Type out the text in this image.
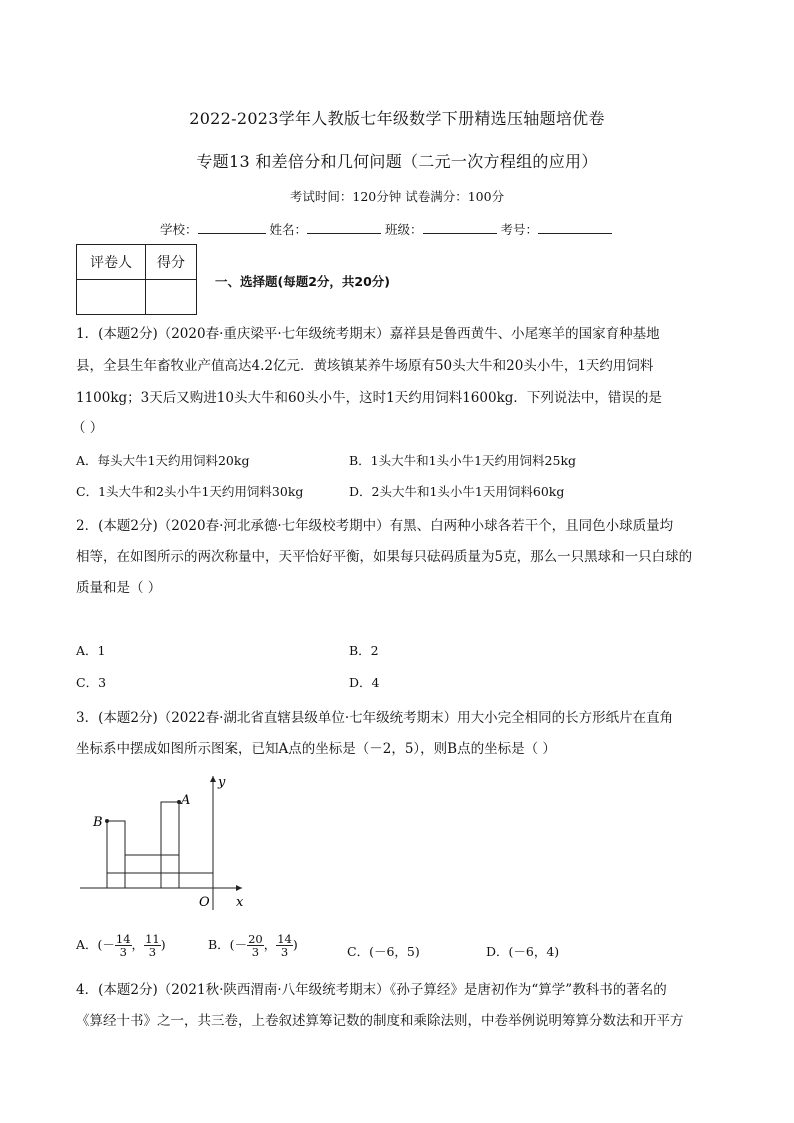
2022-2023学年人教版七年级数学下册精选压轴题培优卷
专题13 和差倍分和几何问题（二元一次方程组的应用）
考试时间：120分钟 试卷满分：100分
学校：	姓名：	班级：	考号：
评卷人	得分

一、选择题(每题2分，共20分)
1．(本题2分)（2020春·重庆梁平·七年级统考期末）嘉祥县是鲁西黄牛、小尾寒羊的国家育种基地
县，全县生年畜牧业产值高达4.2亿元．黄垓镇某养牛场原有50头大牛和20头小牛，1天约用饲料
1100kg；3天后又购进10头大牛和60头小牛，这时1天约用饲料1600kg．下列说法中，错误的是
（ ）
A．每头大牛1天约用饲料20kg	B．1头大牛和1头小牛1天约用饲料25kg
C．1头大牛和2头小牛1天约用饲料30kg	D．2头大牛和1头小牛1天用饲料60kg
2．(本题2分)（2020春·河北承德·七年级校考期中）有黑、白两种小球各若干个，且同色小球质量均
相等，在如图所示的两次称量中，天平恰好平衡，如果每只砝码质量为5克，那么一只黑球和一只白球的
质量和是（ ）
A．1	B．2
C．3	D．4
3．(本题2分)（2022春·湖北省直辖县级单位·七年级统考期末）用大小完全相同的长方形纸片在直角
坐标系中摆成如图所示图案，已知A点的坐标是（－2，5），则B点的坐标是（ ）
B
A
y
x
O
A．(－ $\frac{14}{3}$ ， $\frac{11}{3}$ )	B．(－ $\frac{20}{3}$ ， $\frac{14}{3}$ )	C．(－6，5)	D．(－6，4)
4．(本题2分)（2021秋·陕西渭南·八年级统考期末）《孙子算经》是唐初作为“算学”教科书的著名的
《算经十书》之一，共三卷，上卷叙述算筹记数的制度和乘除法则，中卷举例说明筹算分数法和开平方
